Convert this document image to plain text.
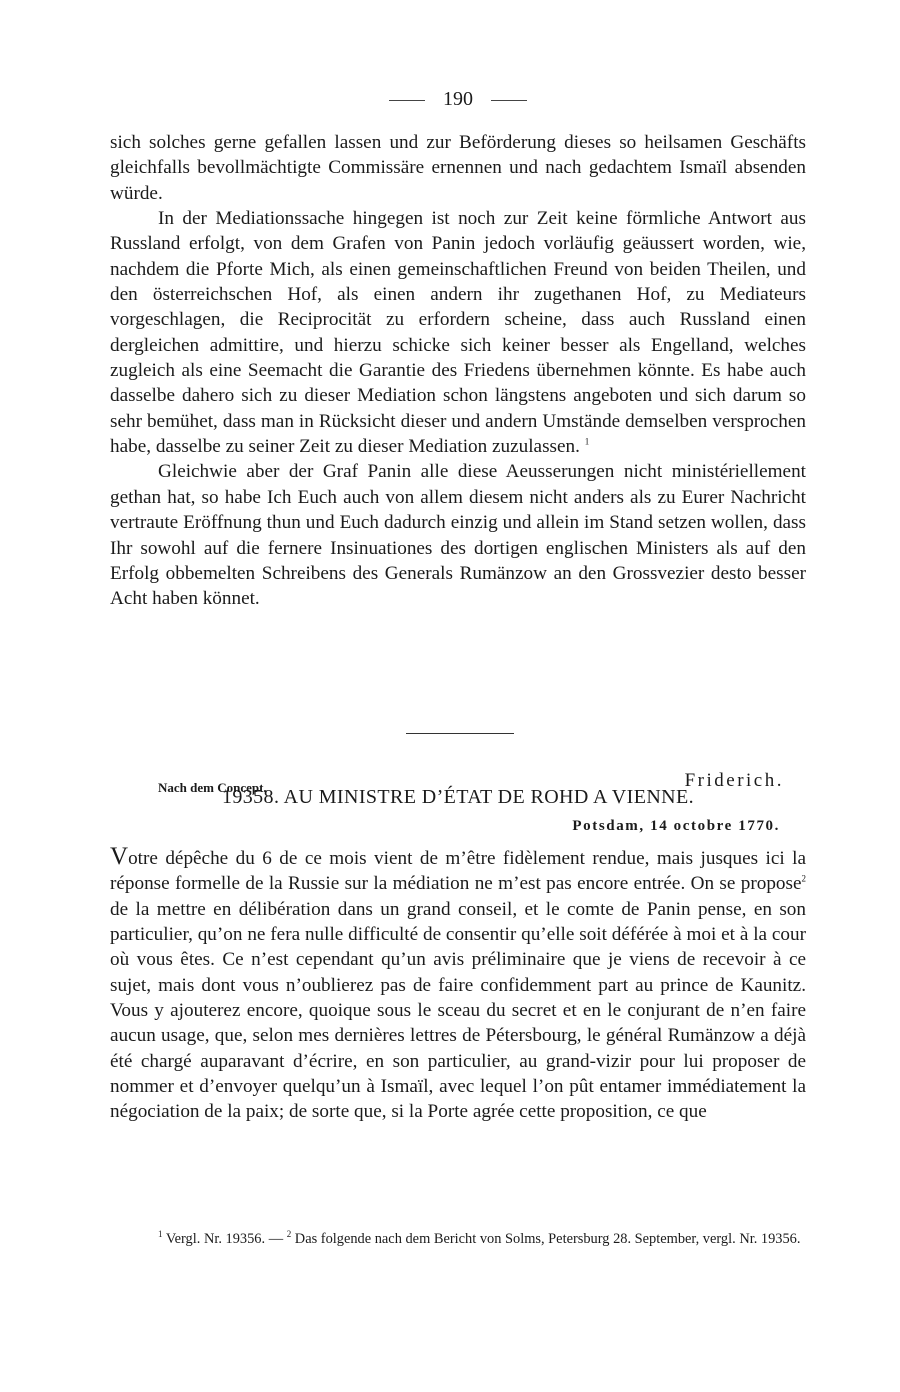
190

sich solches gerne gefallen lassen und zur Beförderung dieses so heilsamen Geschäfts gleichfalls bevollmächtigte Commissäre ernennen und nach gedachtem Ismaïl absenden würde.

In der Mediationssache hingegen ist noch zur Zeit keine förmliche Antwort aus Russland erfolgt, von dem Grafen von Panin jedoch vorläufig geäussert worden, wie, nachdem die Pforte Mich, als einen gemeinschaftlichen Freund von beiden Theilen, und den österreichschen Hof, als einen andern ihr zugethanen Hof, zu Mediateurs vorgeschlagen, die Reciprocität zu erfordern scheine, dass auch Russland einen dergleichen admittire, und hierzu schicke sich keiner besser als Engelland, welches zugleich als eine Seemacht die Garantie des Friedens übernehmen könnte. Es habe auch dasselbe dahero sich zu dieser Mediation schon längstens angeboten und sich darum so sehr bemühet, dass man in Rücksicht dieser und andern Umstände demselben versprochen habe, dasselbe zu seiner Zeit zu dieser Mediation zuzulassen. $^1$

Gleichwie aber der Graf Panin alle diese Aeusserungen nicht ministériellement gethan hat, so habe Ich Euch auch von allem diesem nicht anders als zu Eurer Nachricht vertraute Eröffnung thun und Euch dadurch einzig und allein im Stand setzen wollen, dass Ihr sowohl auf die fernere Insinuationes des dortigen englischen Ministers als auf den Erfolg obbemelten Schreibens des Generals Rumänzow an den Grossvezier desto besser Acht haben könnet.

Nach dem Concept.	Friderich.
19358. AU MINISTRE D’ÉTAT DE ROHD A VIENNE.
Potsdam, 14 octobre 1770.

Votre dépêche du 6 de ce mois vient de m’être fidèlement rendue, mais jusques ici la réponse formelle de la Russie sur la médiation ne m’est pas encore entrée. On se propose$^2$ de la mettre en délibération dans un grand conseil, et le comte de Panin pense, en son particulier, qu’on ne fera nulle difficulté de consentir qu’elle soit déférée à moi et à la cour où vous êtes. Ce n’est cependant qu’un avis préliminaire que je viens de recevoir à ce sujet, mais dont vous n’oublierez pas de faire confidemment part au prince de Kaunitz. Vous y ajouterez encore, quoique sous le sceau du secret et en le conjurant de n’en faire aucun usage, que, selon mes dernières lettres de Pétersbourg, le général Rumänzow a déjà été chargé auparavant d’écrire, en son particulier, au grand-vizir pour lui proposer de nommer et d’envoyer quelqu’un à Ismaïl, avec lequel l’on pût entamer immédiatement la négociation de la paix; de sorte que, si la Porte agrée cette proposition, ce que

$^1$ Vergl. Nr. 19356. — $^2$ Das folgende nach dem Bericht von Solms, Petersburg 28. September, vergl. Nr. 19356.
